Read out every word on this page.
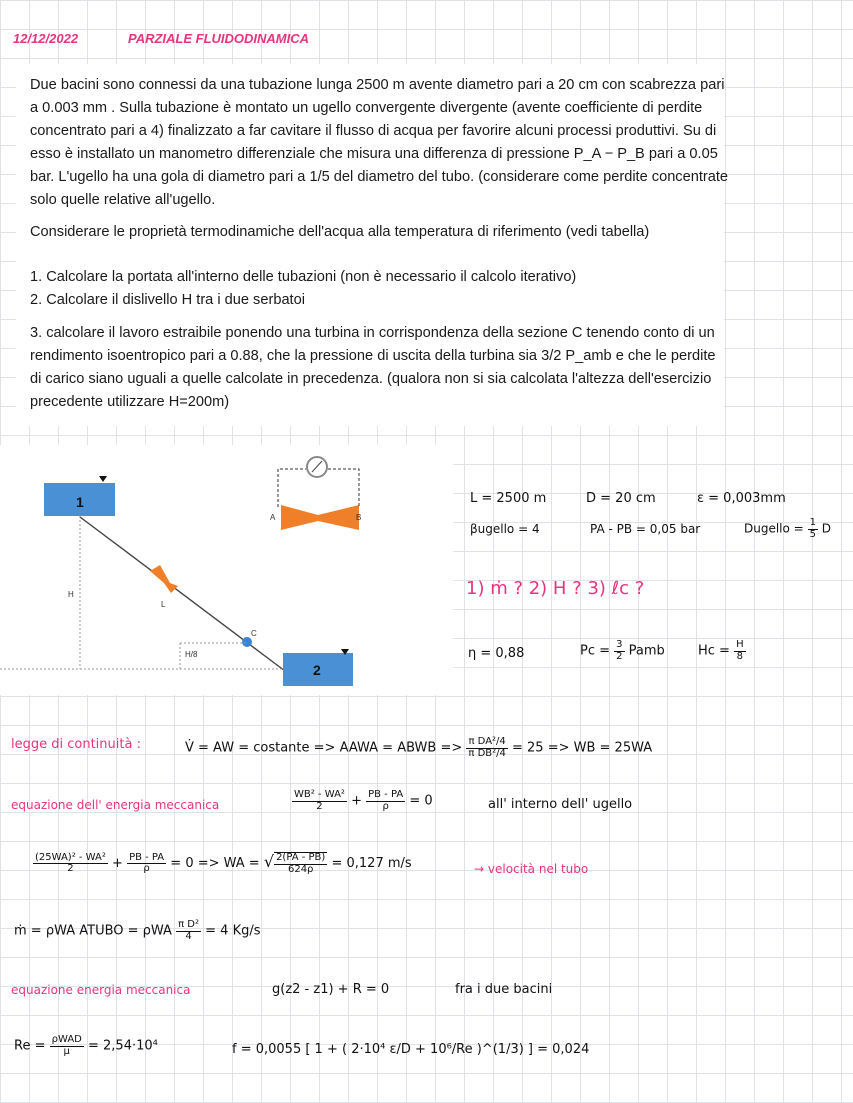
12/12/2022	PARZIALE FLUIDODINAMICA

Due bacini sono connessi da una tubazione lunga 2500 m avente diametro pari a 20 cm con scabrezza pari a 0.003 mm . Sulla tubazione è montato un ugello convergente divergente (avente coefficiente di perdite concentrato pari a 4) finalizzato a far cavitare il flusso di acqua per favorire alcuni processi produttivi. Su di esso è installato un manometro differenziale che misura una differenza di pressione P_A − P_B pari a 0.05 bar. L'ugello ha una gola di diametro pari a 1/5 del diametro del tubo. (considerare come perdite concentrate solo quelle relative all'ugello.

Considerare le proprietà termodinamiche dell'acqua alla temperatura di riferimento (vedi tabella)

1. Calcolare la portata all'interno delle tubazioni (non è necessario il calcolo iterativo)

2. Calcolare il dislivello H tra i due serbatoi

3. calcolare il lavoro estraibile ponendo una turbina in corrispondenza della sezione C tenendo conto di un rendimento isoentropico pari a 0.88, che la pressione di uscita della turbina sia 3/2 P_amb e che le perdite di carico siano uguali a quelle calcolate in precedenza. (qualora non si sia calcolata l'altezza dell'esercizio precedente utilizzare H=200m)

1
H
L
C
H/8
2
A	B
L = 2500 m	D = 20 cm	ε = 0,003mm
βugello = 4	PA - PB = 0,05 bar	Dugello = $\frac{1}{5}$ D
1) ṁ ? 2) H ? 3) ℓc ?
η = 0,88	$Pc = \frac{3}{2}$ Pamb	$Hc = \frac{H}{8}$
legge di continuità :	V̇ = AW = costante => AAWA = ABWB => $\frac{\text{π DA²/4}}{\text{π DB²/4}} = 25$ => WB = 25WA
equazione dell' energia meccanica	$\frac{\text{WB² - WA²}}{2} + \frac{PB - PA}{\rho} = 0$	all' interno dell' ugello
$\frac{\text{(25WA)² - WA²}}{2} + \frac{PB - PA}{\rho} = 0$ => WA = √ $\frac{2(PA - PB)}{624\rho} = 0,127$ m/s	→ velocità nel tubo
ṁ = ρWA ATUBO = ρWA $\frac{\text{π D²}}{4} = 4$ Kg/s
equazione energia meccanica	g(z2 - z1) + R = 0	fra i due bacini
$Re = \frac{\text{ρWAD}}{\mu} = 2,54\cdot 10^4$	f = 0,0055 [ 1 + ( 2·10⁴ ε/D + 10⁶/Re )^(1/3) ] = 0,024
